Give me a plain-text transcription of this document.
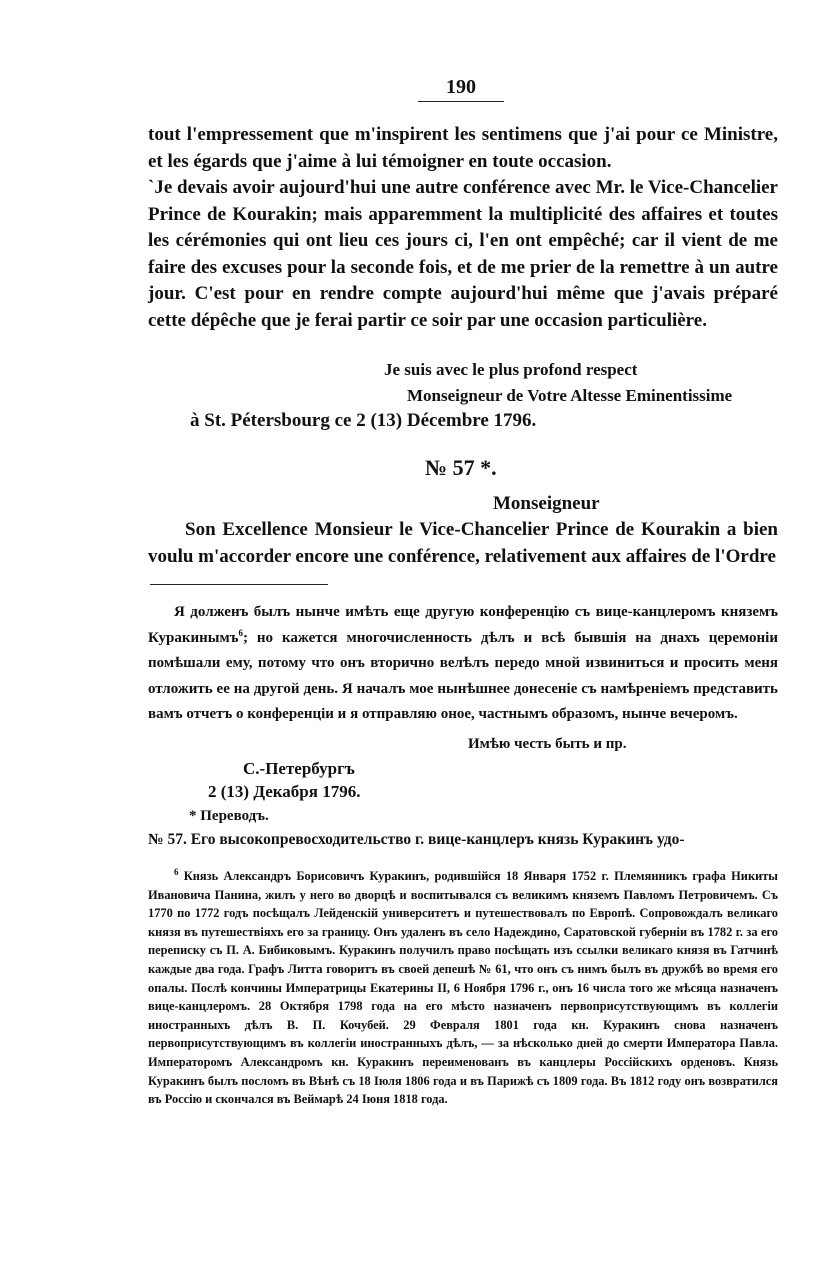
190

tout l'empressement que m'inspirent les sentimens que j'ai pour ce Ministre, et les égards que j'aime à lui témoigner en toute occasion.

`Je devais avoir aujourd'hui une autre conférence avec Mr. le Vice-Chancelier Prince de Kourakin; mais apparemment la multiplicité des affaires et toutes les cérémonies qui ont lieu ces jours ci, l'en ont empêché; car il vient de me faire des excuses pour la seconde fois, et de me prier de la remettre à un autre jour. C'est pour en rendre compte aujourd'hui même que j'avais préparé cette dépêche que je ferai partir ce soir par une occasion particulière.

Je suis avec le plus profond respect
Monseigneur de Votre Altesse Eminentissime
à St. Pétersbourg ce 2 (13) Décembre 1796.
№ 57 *.
Monseigneur
Son Excellence Monsieur le Vice-Chancelier Prince de Kourakin a bien voulu m'accorder encore une conférence, relativement aux affaires de l'Ordre
Я долженъ былъ нынче имѣть еще другую конференцію съ вице-канцлеромъ княземъ Куракинымъ$^6$; но кажется многочисленность дѣлъ и всѣ бывшія на днахъ церемоніи помѣшали ему, потому что онъ вторично велѣлъ передо мной извиниться и просить меня отложить ее на другой день. Я началъ мое нынѣшнее донесеніе съ намѣреніемъ представить вамъ отчетъ о конференціи и я отправляю оное, частнымъ образомъ, нынче вечеромъ.
Имѣю честь быть и пр.
С.-Петербургъ
2 (13) Декабря 1796.
* Переводъ.
№ 57. Его высокопревосходительство г. вице-канцлеръ князь Куракинъ удо-
$^6$ Князь Александръ Борисовичъ Куракинъ, родившійся 18 Января 1752 г. Племянникъ графа Никиты Ивановича Панина, жилъ у него во дворцѣ и воспитывался съ великимъ княземъ Павломъ Петровичемъ. Съ 1770 по 1772 годъ посѣщалъ Лейденскій университетъ и путешествовалъ по Европѣ. Сопровождалъ великаго князя въ путешествіяхъ его за границу. Онъ удаленъ въ село Надеждино, Саратовской губерніи въ 1782 г. за его переписку съ П. А. Бибиковымъ. Куракинъ получилъ право посѣщать изъ ссылки великаго князя въ Гатчинѣ каждые два года. Графъ Литта говоритъ въ своей депешѣ № 61, что онъ съ нимъ былъ въ дружбѣ во время его опалы. Послѣ кончины Императрицы Екатерины II, 6 Ноября 1796 г., онъ 16 числа того же мѣсяца назначенъ вице-канцлеромъ. 28 Октября 1798 года на его мѣсто назначенъ первоприсутствующимъ въ коллегіи иностранныхъ дѣлъ В. П. Кочубей. 29 Февраля 1801 года кн. Куракинъ снова назначенъ первоприсутствующимъ въ коллегіи иностранныхъ дѣлъ, — за нѣсколько дней до смерти Императора Павла. Императоромъ Александромъ кн. Куракинъ переименованъ въ канцлеры Россійскихъ орденовъ. Князь Куракинъ былъ посломъ въ Вѣнѣ съ 18 Іюля 1806 года и въ Парижѣ съ 1809 года. Въ 1812 году онъ возвратился въ Россію и скончался въ Веймарѣ 24 Іюня 1818 года.
